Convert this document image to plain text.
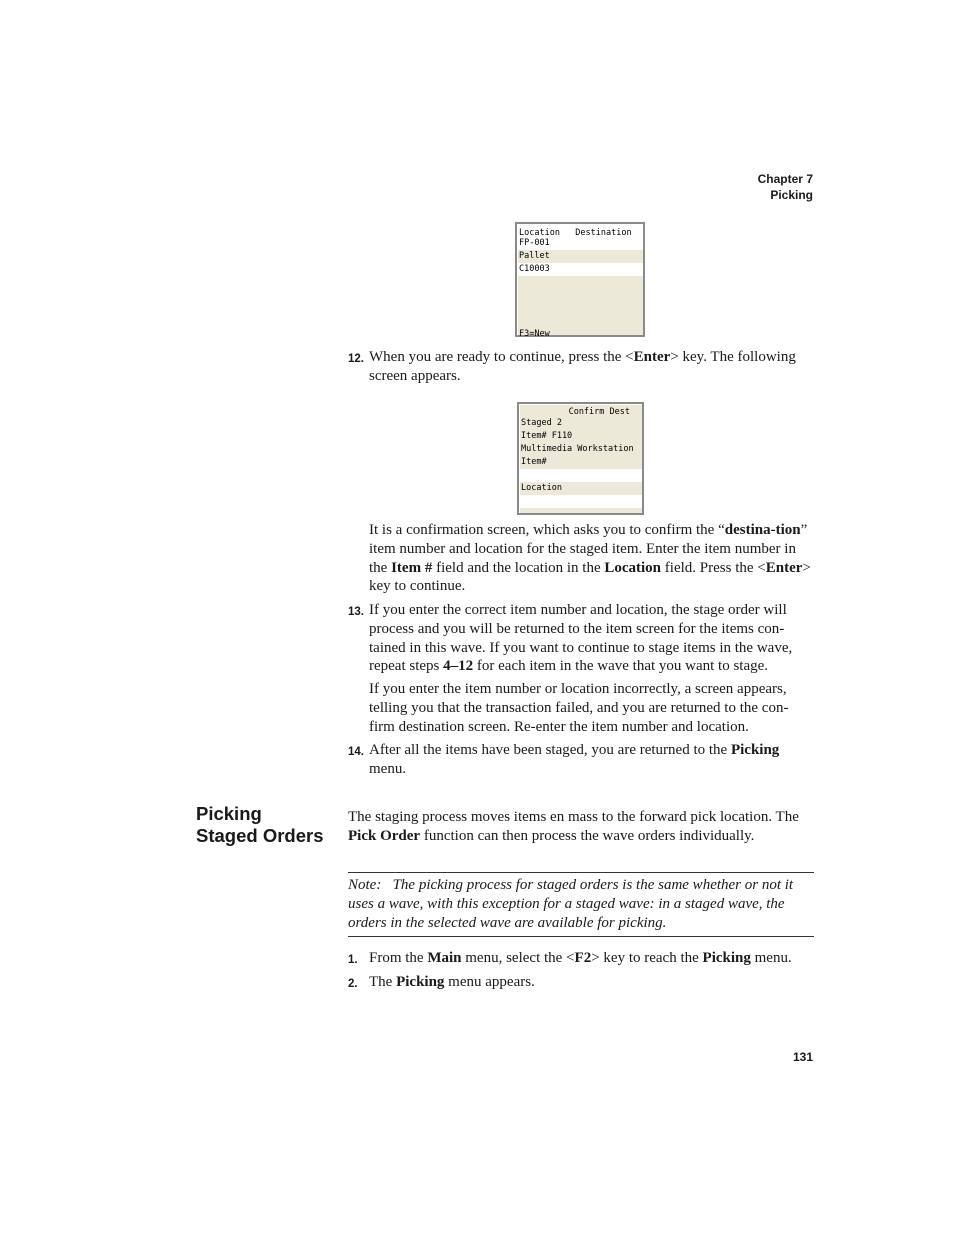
Chapter 7
Picking
Location   Destination
FP-001
Pallet
C10003
F3=New
12. When you are ready to continue, press the <Enter> key. The following screen appears.
Confirm Dest
Staged 2
Item# F110
Multimedia Workstation
Item#
Location
It is a confirmation screen, which asks you to confirm the “destina-tion” item number and location for the staged item. Enter the item number in the Item # field and the location in the Location field. Press the <Enter> key to continue.
13. If you enter the correct item number and location, the stage order will process and you will be returned to the item screen for the items con-tained in this wave. If you want to continue to stage items in the wave, repeat steps 4–12 for each item in the wave that you want to stage.
If you enter the item number or location incorrectly, a screen appears, telling you that the transaction failed, and you are returned to the con-firm destination screen. Re-enter the item number and location.
14. After all the items have been staged, you are returned to the Picking menu.
Picking
Staged Orders
The staging process moves items en mass to the forward pick location. The Pick Order function can then process the wave orders individually.
Note:  The picking process for staged orders is the same whether or not it uses a wave, with this exception for a staged wave: in a staged wave, the orders in the selected wave are available for picking.
1. From the Main menu, select the <F2> key to reach the Picking menu.
2. The Picking menu appears.
131
